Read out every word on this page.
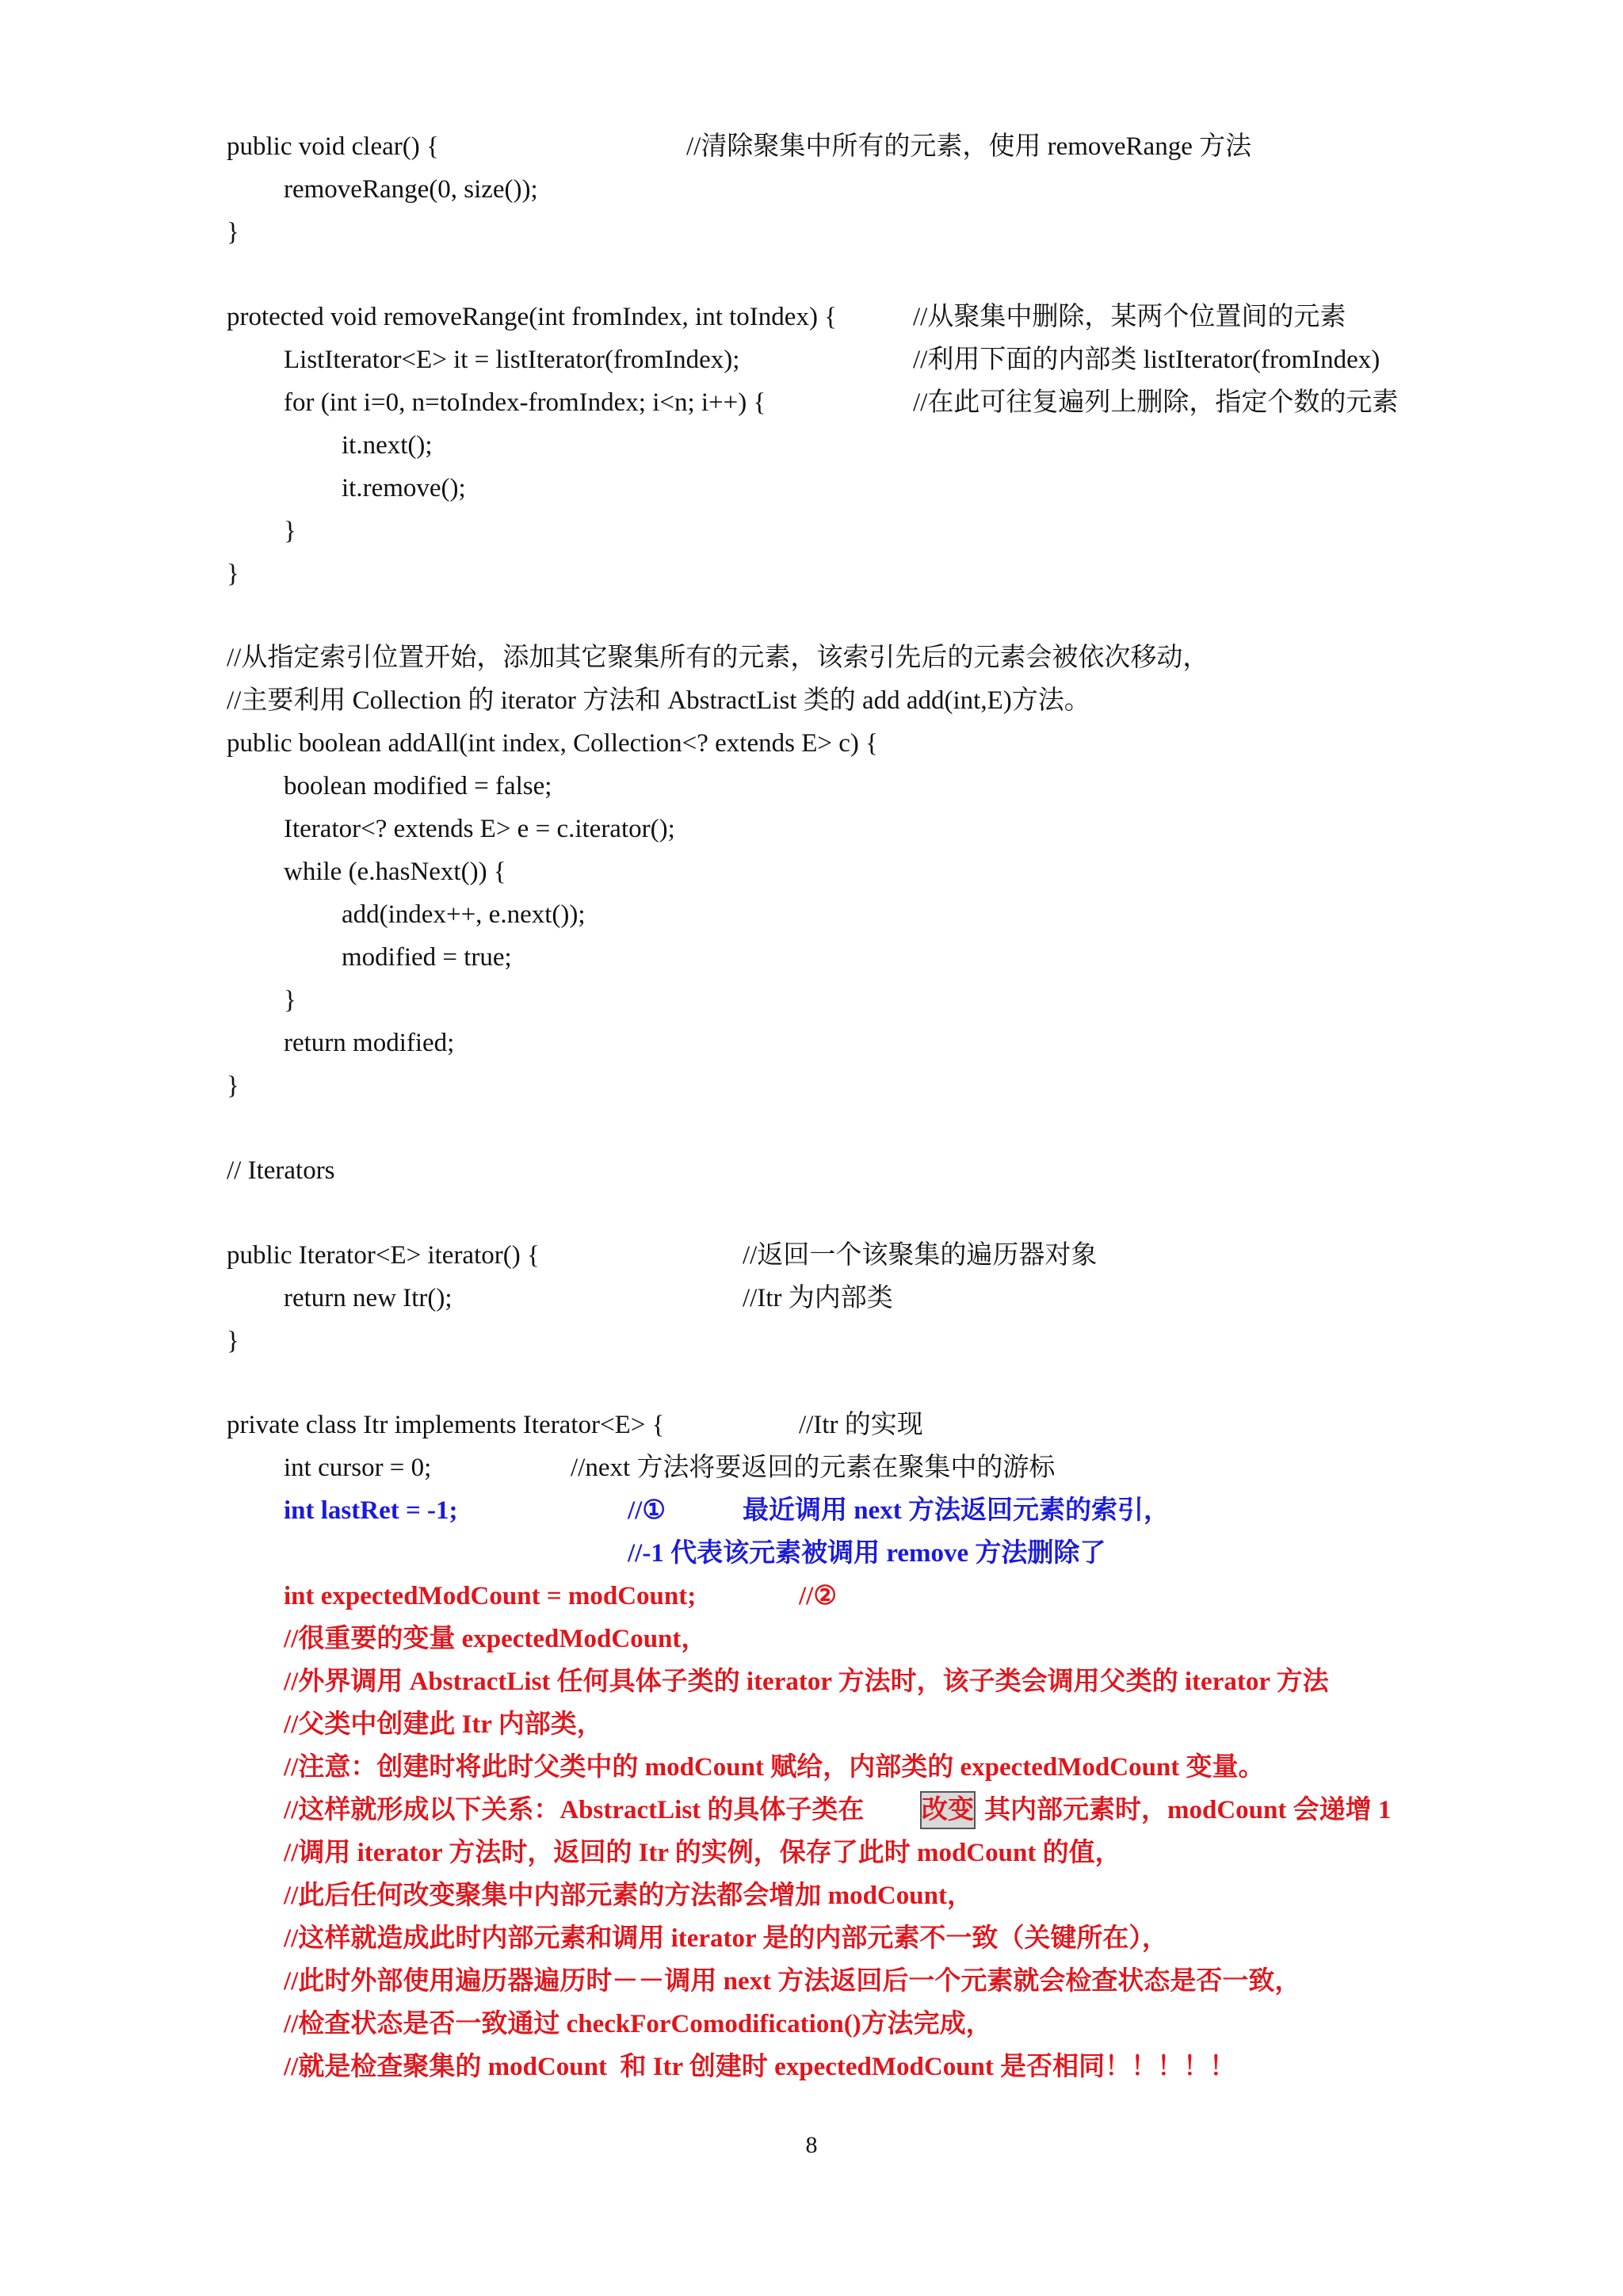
public void clear() {

	//清除聚集中所有的元素，使用 removeRange 方法

removeRange(0, size());

}

protected void removeRange(int fromIndex, int toIndex) {

	//从聚集中删除，某两个位置间的元素

ListIterator<E> it = listIterator(fromIndex);

	//利用下面的内部类 listIterator(fromIndex)

for (int i=0, n=toIndex-fromIndex; i<n; i++) {

	//在此可往复遍列上删除，指定个数的元素

it.next();

it.remove();

}

}

//从指定索引位置开始，添加其它聚集所有的元素，该索引先后的元素会被依次移动，

//主要利用 Collection 的 iterator 方法和 AbstractList 类的 add add(int,E)方法。

public boolean addAll(int index, Collection<? extends E> c) {

boolean modified = false;

Iterator<? extends E> e = c.iterator();

while (e.hasNext()) {

add(index++, e.next());

modified = true;

}

return modified;

}

// Iterators

public Iterator<E> iterator() {

	//返回一个该聚集的遍历器对象

return new Itr();

	//Itr 为内部类

}

private class Itr implements Iterator<E> {

	//Itr 的实现

int cursor = 0;

	//next 方法将要返回的元素在聚集中的游标

int lastRet = -1;

	//①

	最近调用 next 方法返回元素的索引，

//-1 代表该元素被调用 remove 方法删除了

int expectedModCount = modCount;

	//②

//很重要的变量 expectedModCount，

//外界调用 AbstractList 任何具体子类的 iterator 方法时，该子类会调用父类的 iterator 方法

//父类中创建此 Itr 内部类，

//注意：创建时将此时父类中的 modCount 赋给，内部类的 expectedModCount 变量。

//这样就形成以下关系：AbstractList 的具体子类在

改变

其内部元素时，modCount 会递增 1

//调用 iterator 方法时，返回的 Itr 的实例，保存了此时 modCount 的值，

//此后任何改变聚集中内部元素的方法都会增加 modCount，

//这样就造成此时内部元素和调用 iterator 是的内部元素不一致（关键所在），

//此时外部使用遍历器遍历时－－调用 next 方法返回后一个元素就会检查状态是否一致，

//检查状态是否一致通过 checkForComodification()方法完成，

//就是检查聚集的 modCount  和 Itr 创建时 expectedModCount 是否相同！！！！！

8
